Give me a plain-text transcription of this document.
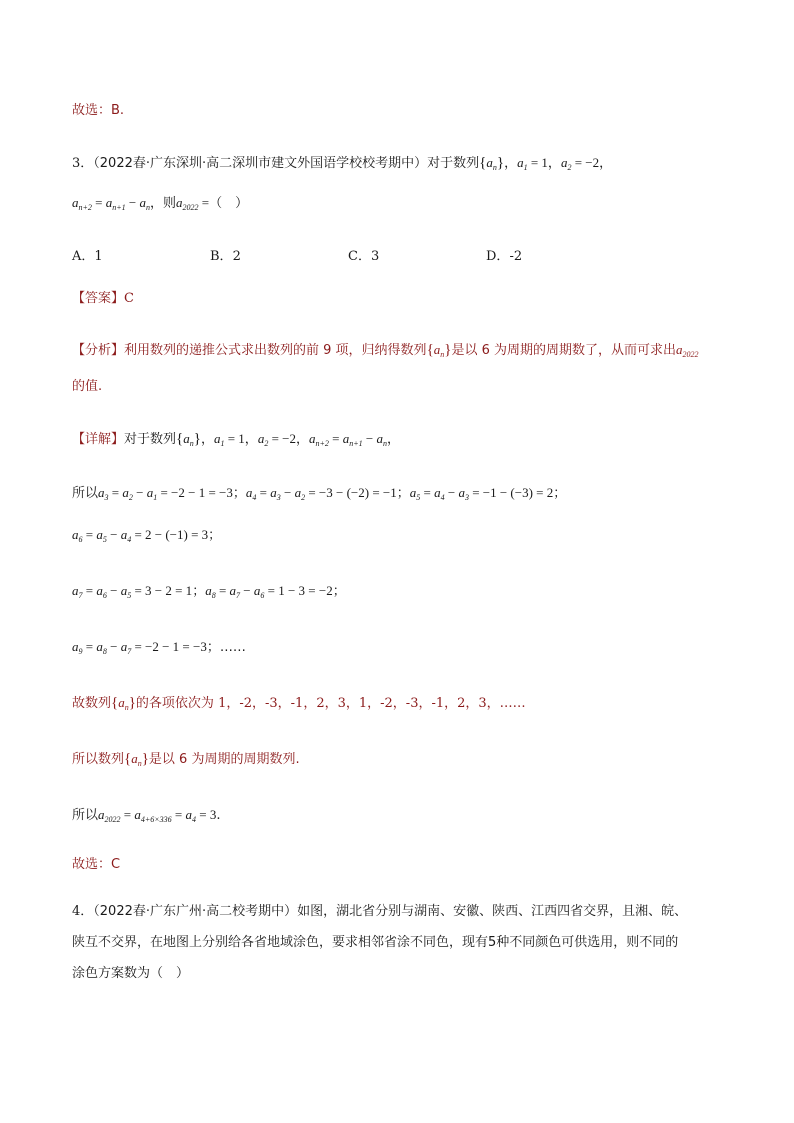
故选：B.
3．（2022春·广东深圳·高二深圳市建文外国语学校校考期中）对于数列$\{a_n\}$，$a_1 = 1$，$a_2 = -2$，
$a_{n+2} = a_{n+1} - a_n$，则$a_{2022}$ =（　）
A．1	B．2	C．3	D．-2
【答案】C
【分析】利用数列的递推公式求出数列的前 9 项，归纳得数列$\{a_n\}$是以 6 为周期的周期数了，从而可求出$a_{2022}$
的值.
【详解】对于数列$\{a_n\}$，$a_1 = 1$，$a_2 = -2$，$a_{n+2} = a_{n+1} - a_n$，
所以$a_3 = a_2 - a_1 = -2 - 1 = -3$；$a_4 = a_3 - a_2 = -3 - (-2) = -1$；$a_5 = a_4 - a_3 = -1 - (-3) = 2$；
$a_6 = a_5 - a_4 = 2 - (-1) = 3$；
$a_7 = a_6 - a_5 = 3 - 2 = 1$；$a_8 = a_7 - a_6 = 1 - 3 = -2$；
$a_9 = a_8 - a_7 = -2 - 1 = -3$；……
故数列$\{a_n\}$的各项依次为 1，-2，-3，-1，2，3，1，-2，-3，-1，2，3，……
所以数列$\{a_n\}$是以 6 为周期的周期数列.
所以$a_{2022} = a_{4+6\times 336} = a_4 = 3$.
故选：C
4．（2022春·广东广州·高二校考期中）如图，湖北省分别与湖南、安徽、陕西、江西四省交界，且湘、皖、
陕互不交界，在地图上分别给各省地域涂色，要求相邻省涂不同色，现有5种不同颜色可供选用，则不同的
涂色方案数为（　）
